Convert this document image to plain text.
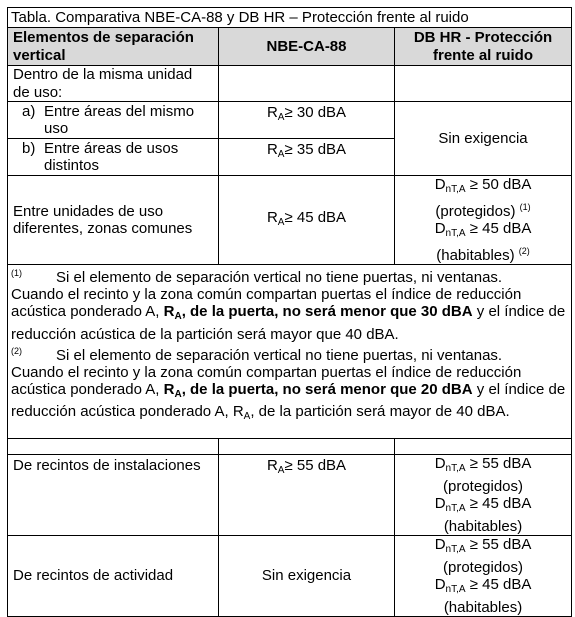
Tabla. Comparativa NBE-CA-88 y DB HR – Protección frente al ruido		
Elementos de separación vertical	NBE-CA-88	DB HR - Protección frente al ruido
Dentro de la misma unidad de uso:		

a) Entre áreas del mismo uso	$R_A\ge 30$ dBA	Sin exigencia

b) Entre áreas de usos distintos	$R_A\ge 35$ dBA	
Entre unidades de uso diferentes, zonas comunes	$R_A\ge 45$ dBA	$D_{nT,A} \ge 50$ dBA
(protegidos) $^{(1)}$
$D_{nT,A} \ge 45$ dBA
(habitables) $^{(2)}$

(1) Si el elemento de separación vertical no tiene puertas, ni ventanas.
Cuando el recinto y la zona común compartan puertas el índice de reducción acústica ponderado A, $R_A$, de la puerta, no será menor que 30 dBA y el índice de reducción acústica de la partición será mayor que 40 dBA.

(2) Si el elemento de separación vertical no tiene puertas, ni ventanas.
Cuando el recinto y la zona común compartan puertas el índice de reducción acústica ponderado A, $R_A$, de la puerta, no será menor que 20 dBA y el índice de reducción acústica ponderado A, $R_A$, de la partición será mayor de 40 dBA.		

De recintos de instalaciones	$R_A\ge 55$ dBA	$D_{nT,A} \ge 55$ dBA
(protegidos)
$D_{nT,A} \ge 45$ dBA
(habitables)

De recintos de actividad	Sin exigencia	$D_{nT,A} \ge 55$ dBA
(protegidos)
$D_{nT,A} \ge 45$ dBA
(habitables)
